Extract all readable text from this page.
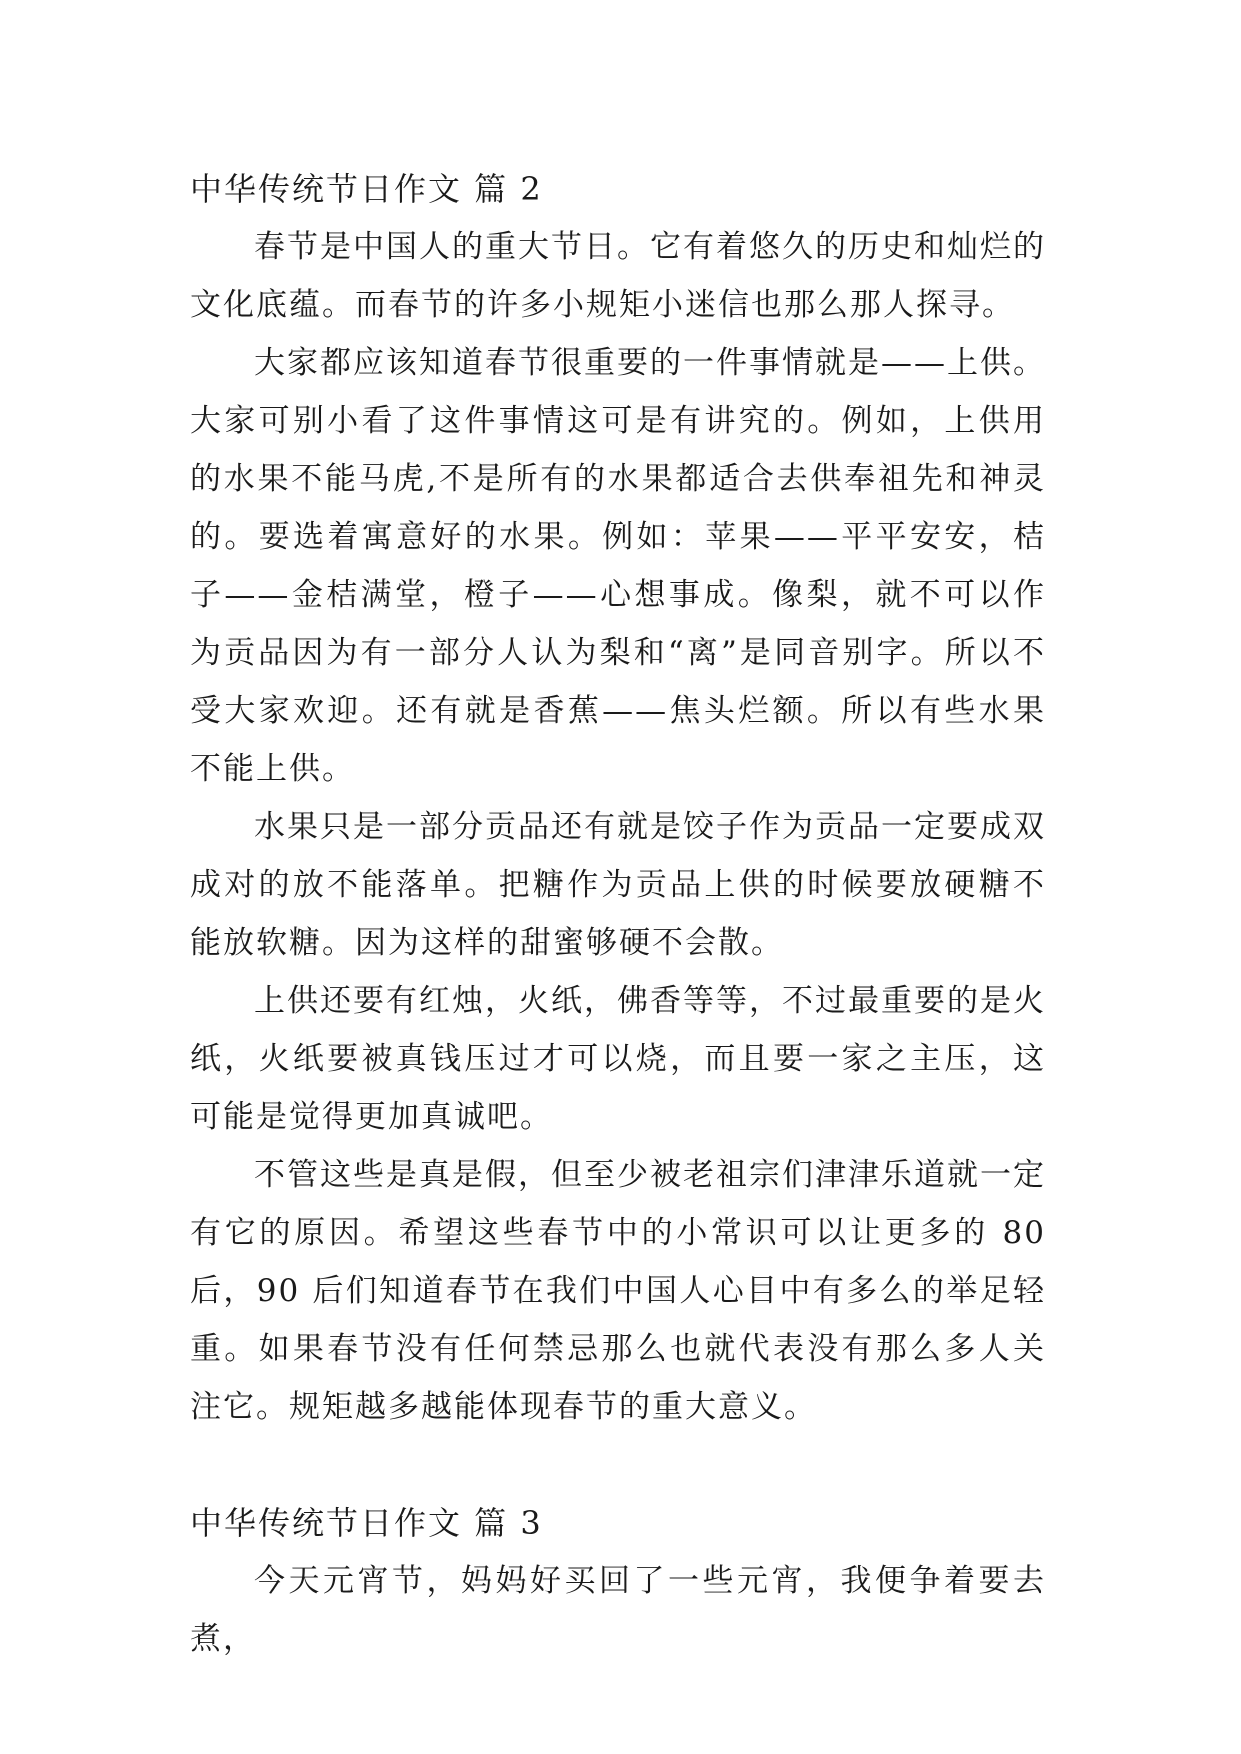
中华传统节日作文 篇 2

春节是中国人的重大节日。它有着悠久的历史和灿烂的文化底蕴。而春节的许多小规矩小迷信也那么那人探寻。

大家都应该知道春节很重要的一件事情就是——上供。大家可别小看了这件事情这可是有讲究的。例如，上供用的水果不能马虎,不是所有的水果都适合去供奉祖先和神灵的。要选着寓意好的水果。例如：苹果——平平安安，桔子——金桔满堂，橙子——心想事成。像梨，就不可以作为贡品因为有一部分人认为梨和“离”是同音别字。所以不受大家欢迎。还有就是香蕉——焦头烂额。所以有些水果不能上供。

水果只是一部分贡品还有就是饺子作为贡品一定要成双成对的放不能落单。把糖作为贡品上供的时候要放硬糖不能放软糖。因为这样的甜蜜够硬不会散。

上供还要有红烛，火纸，佛香等等，不过最重要的是火纸，火纸要被真钱压过才可以烧，而且要一家之主压，这可能是觉得更加真诚吧。

不管这些是真是假，但至少被老祖宗们津津乐道就一定有它的原因。希望这些春节中的小常识可以让更多的 80 后，90 后们知道春节在我们中国人心目中有多么的举足轻重。如果春节没有任何禁忌那么也就代表没有那么多人关注它。规矩越多越能体现春节的重大意义。

中华传统节日作文 篇 3

今天元宵节，妈妈好买回了一些元宵，我便争着要去煮，
